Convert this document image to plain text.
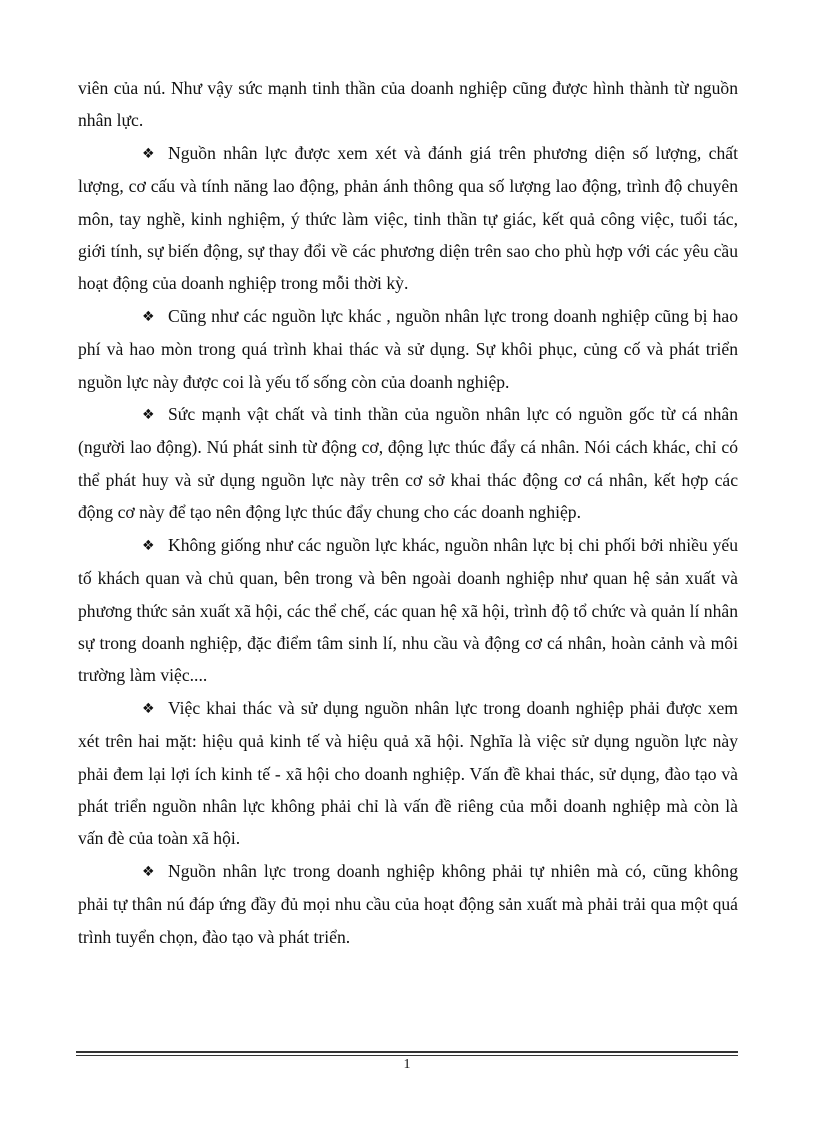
viên của nú. Như vậy sức mạnh tinh thần của doanh nghiệp cũng được hình thành từ nguồn nhân lực.

❖ Nguồn nhân lực được xem xét và đánh giá trên phương diện số lượng, chất lượng, cơ cấu và tính năng lao động, phản ánh thông qua số lượng lao động, trình độ chuyên môn, tay nghề, kinh nghiệm, ý thức làm việc, tinh thần tự giác, kết quả công việc, tuổi tác, giới tính, sự biến động, sự thay đổi về các phương diện trên sao cho phù hợp với các yêu cầu hoạt động của doanh nghiệp trong mỗi thời kỳ.

❖ Cũng như các nguồn lực khác , nguồn nhân lực trong doanh nghiệp cũng bị hao phí và hao mòn trong quá trình khai thác và sử dụng. Sự khôi phục, củng cố và phát triển nguồn lực này được coi là yếu tố sống còn của doanh nghiệp.

❖ Sức mạnh vật chất và tinh thần của nguồn nhân lực có nguồn gốc từ cá nhân (người lao động). Nú phát sinh từ động cơ, động lực thúc đẩy cá nhân. Nói cách khác, chỉ có thể phát huy và sử dụng nguồn lực này trên cơ sở khai thác động cơ cá nhân, kết hợp các động cơ này để tạo nên động lực thúc đẩy chung cho các doanh nghiệp.

❖ Không giống như các nguồn lực khác, nguồn nhân lực bị chi phối bởi nhiều yếu tố khách quan và chủ quan, bên trong và bên ngoài doanh nghiệp như quan hệ sản xuất và phương thức sản xuất xã hội, các thể chế, các quan hệ xã hội, trình độ tổ chức và quản lí nhân sự trong doanh nghiệp, đặc điểm tâm sinh lí, nhu cầu và động cơ cá nhân, hoàn cảnh và môi trường làm việc....

❖ Việc khai thác và sử dụng nguồn nhân lực trong doanh nghiệp phải được xem xét trên hai mặt: hiệu quả kinh tế và hiệu quả xã hội. Nghĩa là việc sử dụng nguồn lực này phải đem lại lợi ích kinh tế - xã hội cho doanh nghiệp. Vấn đề khai thác, sử dụng, đào tạo và phát triển nguồn nhân lực không phải chỉ là vấn đề riêng của mỗi doanh nghiệp mà còn là vấn đè của toàn xã hội.

❖ Nguồn nhân lực trong doanh nghiệp không phải tự nhiên mà có, cũng không phải tự thân nú đáp ứng đầy đủ mọi nhu cầu của hoạt động sản xuất mà phải trải qua một quá trình tuyển chọn, đào tạo và phát triển.

1
